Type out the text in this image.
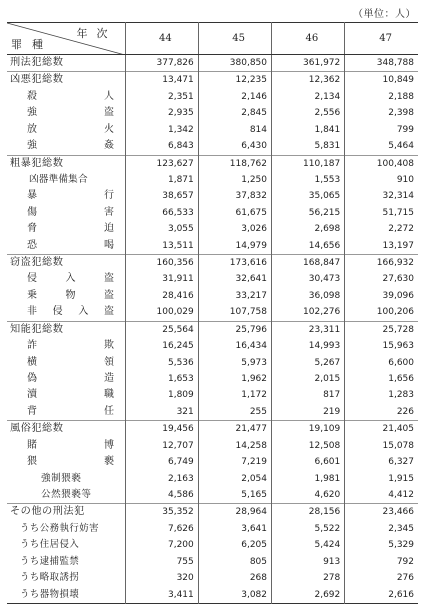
（単位：人）
年次
罪種	44	45	46	47

刑法犯総数	377,826	380,850	361,972	348,788

凶悪犯総数	13,471	12,235	12,362	10,849

殺人	2,351	2,146	2,134	2,188

強盗	2,935	2,845	2,556	2,398

放火	1,342	814	1,841	799

強姦	6,843	6,430	5,831	5,464

粗暴犯総数	123,627	118,762	110,187	100,408

凶器準備集合	1,871	1,250	1,553	910

暴行	38,657	37,832	35,065	32,314

傷害	66,533	61,675	56,215	51,715

脅迫	3,055	3,026	2,698	2,272

恐喝	13,511	14,979	14,656	13,197

窃盗犯総数	160,356	173,616	168,847	166,932

侵入盗	31,911	32,641	30,473	27,630

乗物盗	28,416	33,217	36,098	39,096

非侵入盗	100,029	107,758	102,276	100,206

知能犯総数	25,564	25,796	23,311	25,728

詐欺	16,245	16,434	14,993	15,963

横領	5,536	5,973	5,267	6,600

偽造	1,653	1,962	2,015	1,656

瀆職	1,809	1,172	817	1,283

背任	321	255	219	226

風俗犯総数	19,456	21,477	19,109	21,405

賭博	12,707	14,258	12,508	15,078

猥褻	6,749	7,219	6,601	6,327

強制猥褻	2,163	2,054	1,981	1,915

公然猥褻等	4,586	5,165	4,620	4,412

その他の刑法犯	35,352	28,964	28,156	23,466

うち公務執行妨害	7,626	3,641	5,522	2,345

うち住居侵入	7,200	6,205	5,424	5,329

うち逮捕監禁	755	805	913	792

うち略取誘拐	320	268	278	276

うち器物損壊	3,411	3,082	2,692	2,616
